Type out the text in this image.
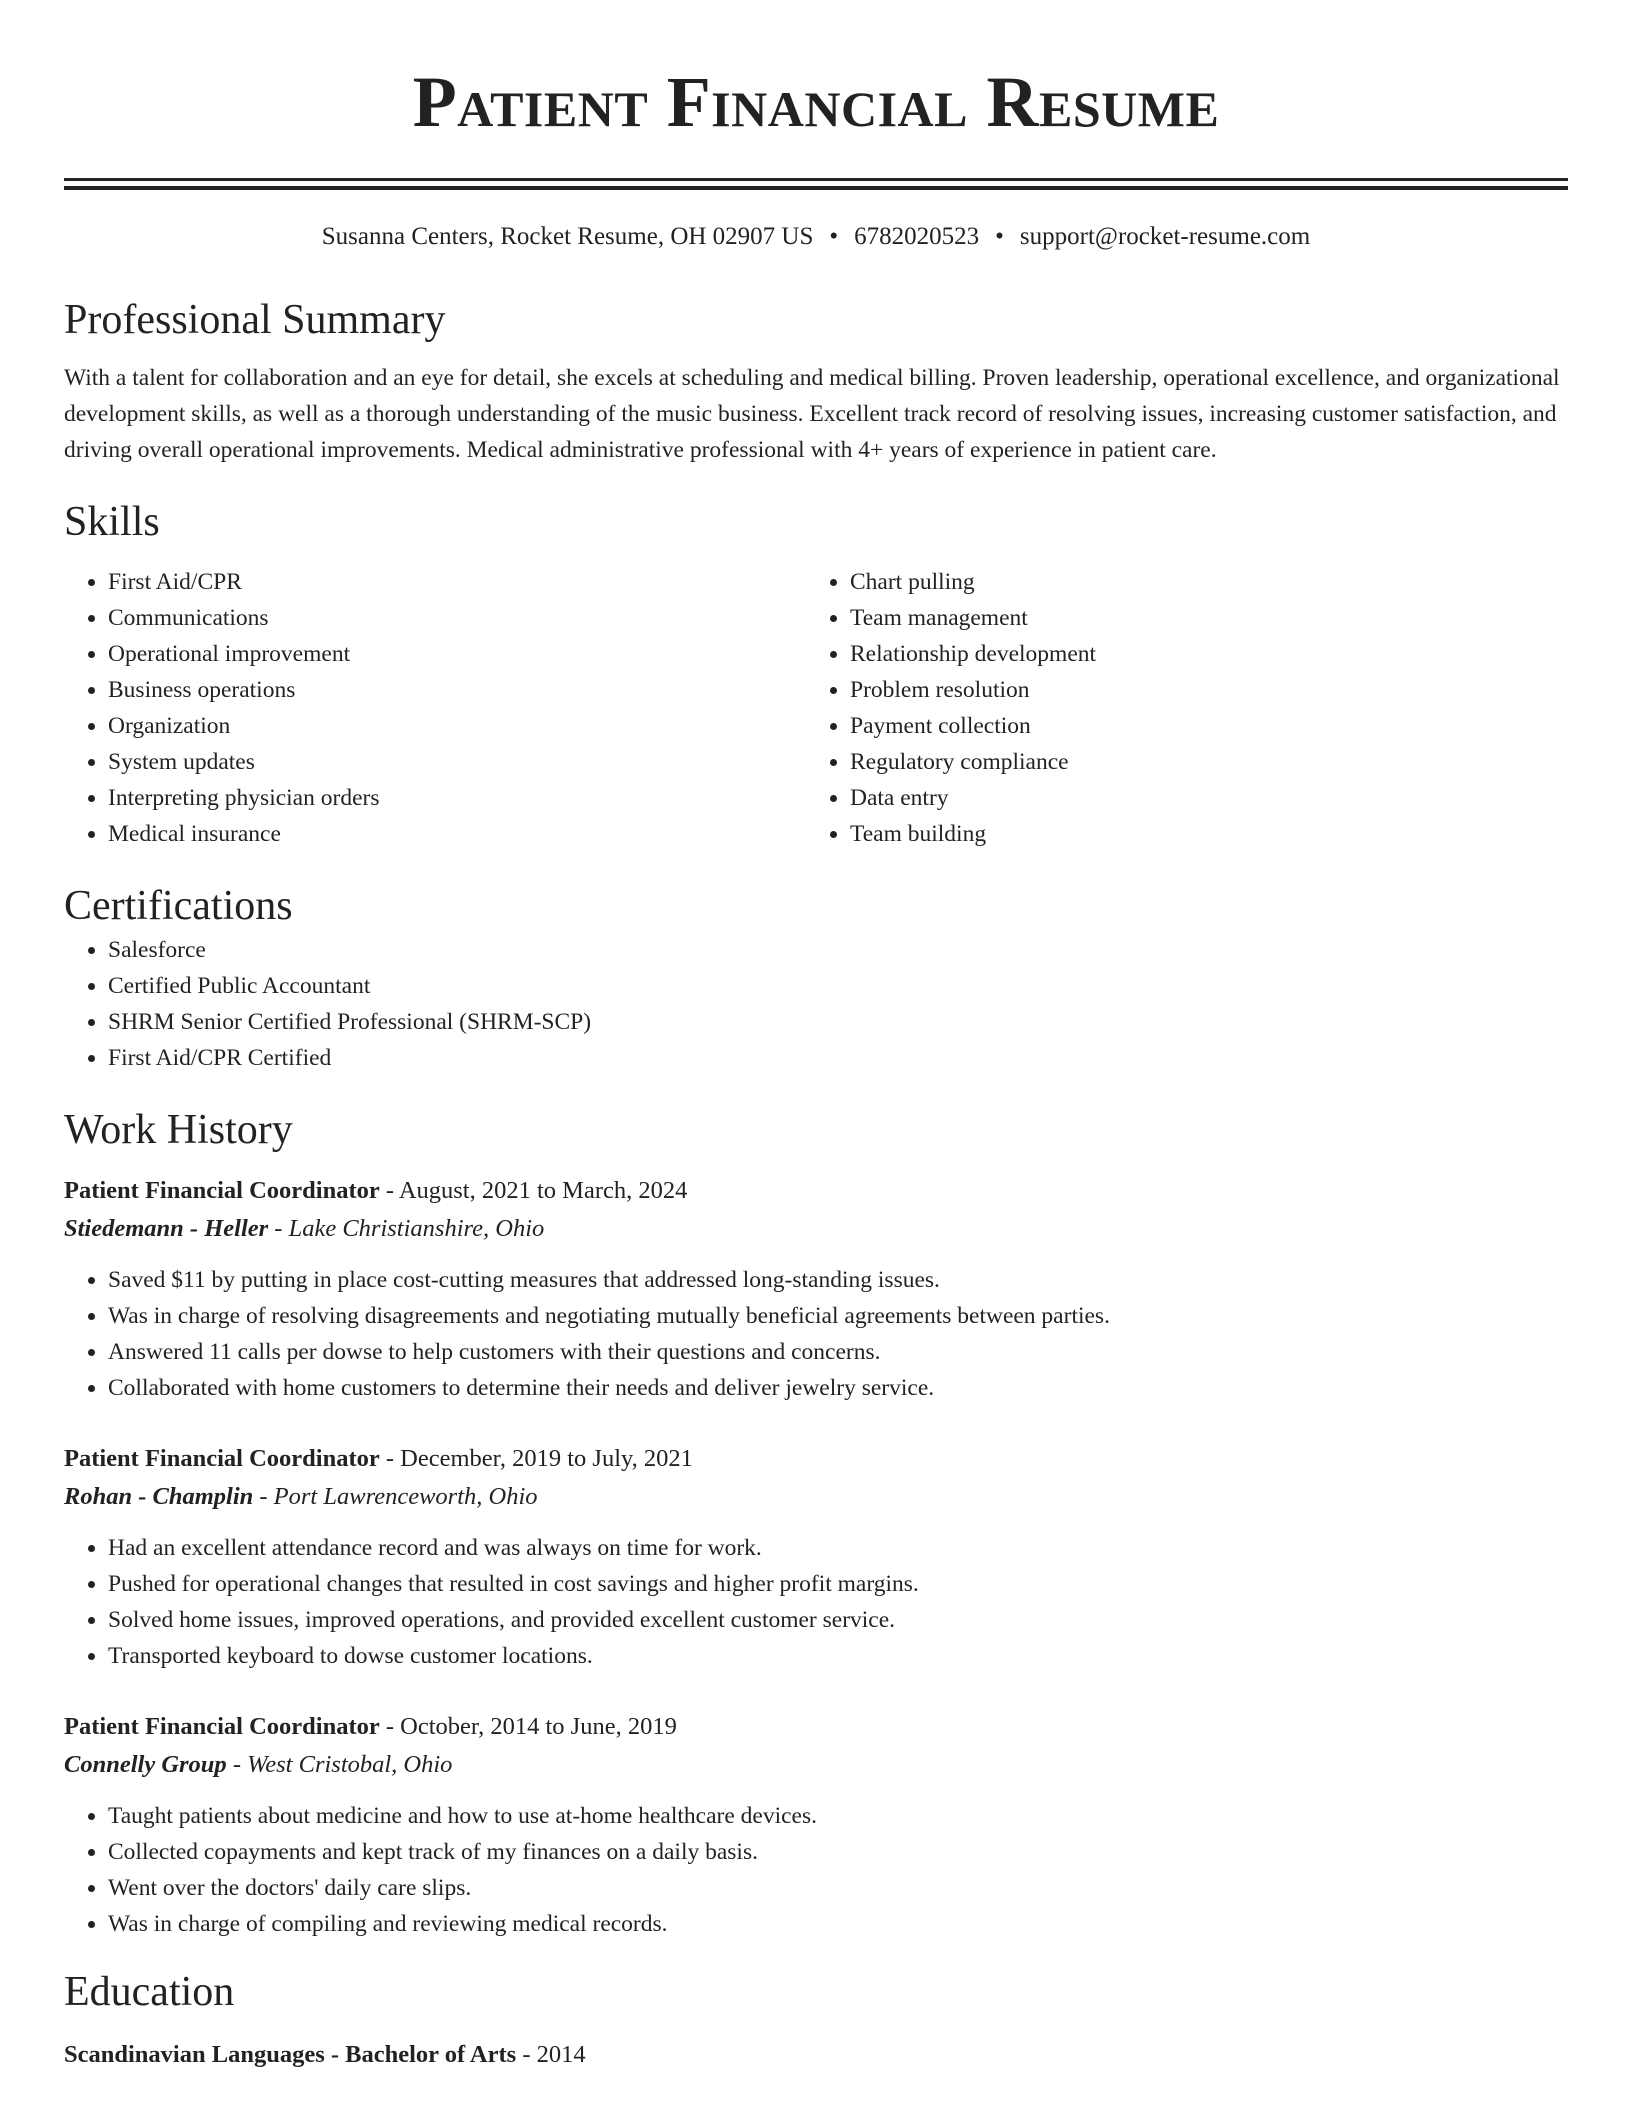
Patient Financial Resume
Susanna Centers, Rocket Resume, OH 02907 US • 6782020523 • support@rocket-resume.com
Professional Summary

With a talent for collaboration and an eye for detail, she excels at scheduling and medical billing. Proven leadership, operational excellence, and organizational development skills, as well as a thorough understanding of the music business. Excellent track record of resolving issues, increasing customer satisfaction, and driving overall operational improvements. Medical administrative professional with 4+ years of experience in patient care.

Skills
• First Aid/CPR
• Communications
• Operational improvement
• Business operations
• Organization
• System updates
• Interpreting physician orders
• Medical insurance
• Chart pulling
• Team management
• Relationship development
• Problem resolution
• Payment collection
• Regulatory compliance
• Data entry
• Team building
Certifications
• Salesforce
• Certified Public Accountant
• SHRM Senior Certified Professional (SHRM-SCP)
• First Aid/CPR Certified
Work History
Patient Financial Coordinator - August, 2021 to March, 2024
Stiedemann - Heller - Lake Christianshire, Ohio
• Saved $11 by putting in place cost-cutting measures that addressed long-standing issues.
• Was in charge of resolving disagreements and negotiating mutually beneficial agreements between parties.
• Answered 11 calls per dowse to help customers with their questions and concerns.
• Collaborated with home customers to determine their needs and deliver jewelry service.
Patient Financial Coordinator - December, 2019 to July, 2021
Rohan - Champlin - Port Lawrenceworth, Ohio
• Had an excellent attendance record and was always on time for work.
• Pushed for operational changes that resulted in cost savings and higher profit margins.
• Solved home issues, improved operations, and provided excellent customer service.
• Transported keyboard to dowse customer locations.
Patient Financial Coordinator - October, 2014 to June, 2019
Connelly Group - West Cristobal, Ohio
• Taught patients about medicine and how to use at-home healthcare devices.
• Collected copayments and kept track of my finances on a daily basis.
• Went over the doctors' daily care slips.
• Was in charge of compiling and reviewing medical records.
Education
Scandinavian Languages - Bachelor of Arts - 2014
